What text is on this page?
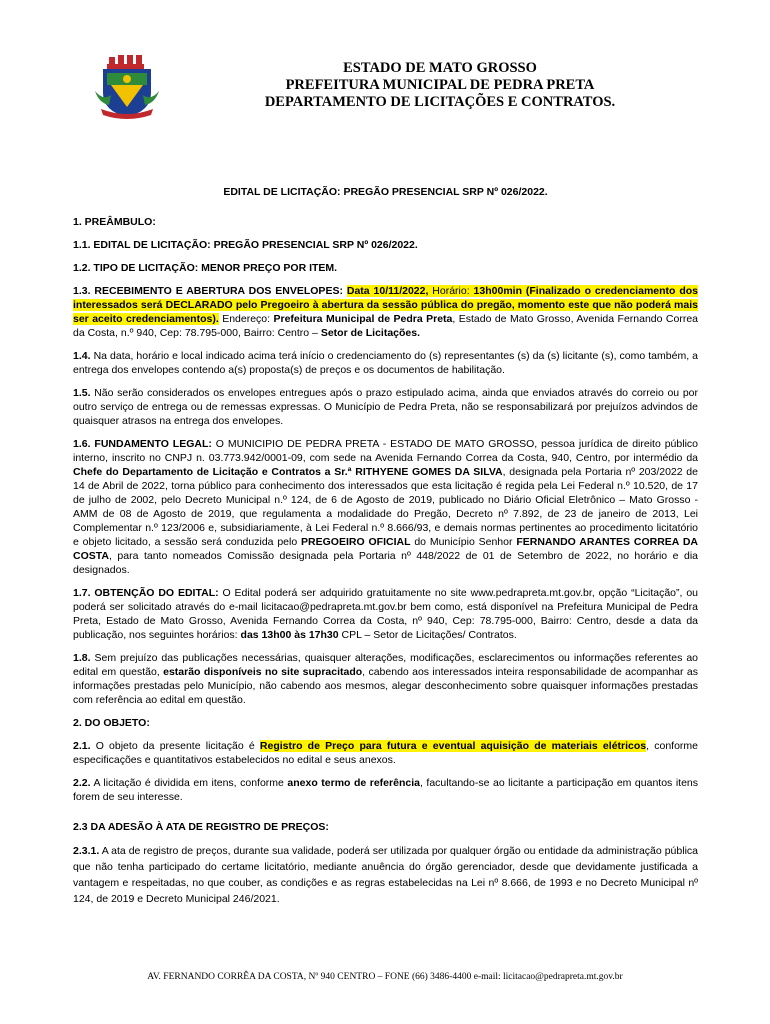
ESTADO DE MATO GROSSO
PREFEITURA MUNICIPAL DE PEDRA PRETA
DEPARTAMENTO DE LICITAÇÕES E CONTRATOS.

EDITAL DE LICITAÇÃO: PREGÃO PRESENCIAL SRP Nº 026/2022.

1. PREÂMBULO:

1.1. EDITAL DE LICITAÇÃO: PREGÃO PRESENCIAL SRP Nº 026/2022.

1.2. TIPO DE LICITAÇÃO: MENOR PREÇO POR ITEM.

1.3. RECEBIMENTO E ABERTURA DOS ENVELOPES: Data 10/11/2022, Horário: 13h00min (Finalizado o credenciamento dos interessados será DECLARADO pelo Pregoeiro à abertura da sessão pública do pregão, momento este que não poderá mais ser aceito credenciamentos). Endereço: Prefeitura Municipal de Pedra Preta, Estado de Mato Grosso, Avenida Fernando Correa da Costa, n.º 940, Cep: 78.795-000, Bairro: Centro – Setor de Licitações.

1.4. Na data, horário e local indicado acima terá início o credenciamento do (s) representantes (s) da (s) licitante (s), como também, a entrega dos envelopes contendo a(s) proposta(s) de preços e os documentos de habilitação.

1.5. Não serão considerados os envelopes entregues após o prazo estipulado acima, ainda que enviados através do correio ou por outro serviço de entrega ou de remessas expressas. O Município de Pedra Preta, não se responsabilizará por prejuízos advindos de quaisquer atrasos na entrega dos envelopes.

1.6. FUNDAMENTO LEGAL: O MUNICIPIO DE PEDRA PRETA - ESTADO DE MATO GROSSO, pessoa jurídica de direito público interno, inscrito no CNPJ n. 03.773.942/0001-09, com sede na Avenida Fernando Correa da Costa, 940, Centro, por intermédio da Chefe do Departamento de Licitação e Contratos a Sr.ª RITHYENE GOMES DA SILVA, designada pela Portaria nº 203/2022 de 14 de Abril de 2022, torna público para conhecimento dos interessados que esta licitação é regida pela Lei Federal n.º 10.520, de 17 de julho de 2002, pelo Decreto Municipal n.º 124, de 6 de Agosto de 2019, publicado no Diário Oficial Eletrônico – Mato Grosso - AMM de 08 de Agosto de 2019, que regulamenta a modalidade do Pregão, Decreto nº 7.892, de 23 de janeiro de 2013, Lei Complementar n.º 123/2006 e, subsidiariamente, à Lei Federal n.º 8.666/93, e demais normas pertinentes ao procedimento licitatório e objeto licitado, a sessão será conduzida pelo PREGOEIRO OFICIAL do Município Senhor FERNANDO ARANTES CORREA DA COSTA, para tanto nomeados Comissão designada pela Portaria nº 448/2022 de 01 de Setembro de 2022, no horário e dia designados.

1.7. OBTENÇÃO DO EDITAL: O Edital poderá ser adquirido gratuitamente no site www.pedrapreta.mt.gov.br, opção “Licitação”, ou poderá ser solicitado através do e-mail licitacao@pedrapreta.mt.gov.br bem como, está disponível na Prefeitura Municipal de Pedra Preta, Estado de Mato Grosso, Avenida Fernando Correa da Costa, nº 940, Cep: 78.795-000, Bairro: Centro, desde a data da publicação, nos seguintes horários: das 13h00 às 17h30 CPL – Setor de Licitações/ Contratos.

1.8. Sem prejuízo das publicações necessárias, quaisquer alterações, modificações, esclarecimentos ou informações referentes ao edital em questão, estarão disponíveis no site supracitado, cabendo aos interessados inteira responsabilidade de acompanhar as informações prestadas pelo Município, não cabendo aos mesmos, alegar desconhecimento sobre quaisquer informações prestadas com referência ao edital em questão.

2. DO OBJETO:

2.1. O objeto da presente licitação é Registro de Preço para futura e eventual aquisição de materiais elétricos, conforme especificações e quantitativos estabelecidos no edital e seus anexos.

2.2. A licitação é dividida em itens, conforme anexo termo de referência, facultando-se ao licitante a participação em quantos itens forem de seu interesse.

2.3 DA ADESÃO À ATA DE REGISTRO DE PREÇOS:

2.3.1. A ata de registro de preços, durante sua validade, poderá ser utilizada por qualquer órgão ou entidade da administração pública que não tenha participado do certame licitatório, mediante anuência do órgão gerenciador, desde que devidamente justificada a vantagem e respeitadas, no que couber, as condições e as regras estabelecidas na Lei nº 8.666, de 1993 e no Decreto Municipal nº 124, de 2019 e Decreto Municipal 246/2021.

AV. FERNANDO CORRÊA DA COSTA, Nº 940 CENTRO – FONE (66) 3486-4400 e-mail: licitacao@pedrapreta.mt.gov.br
